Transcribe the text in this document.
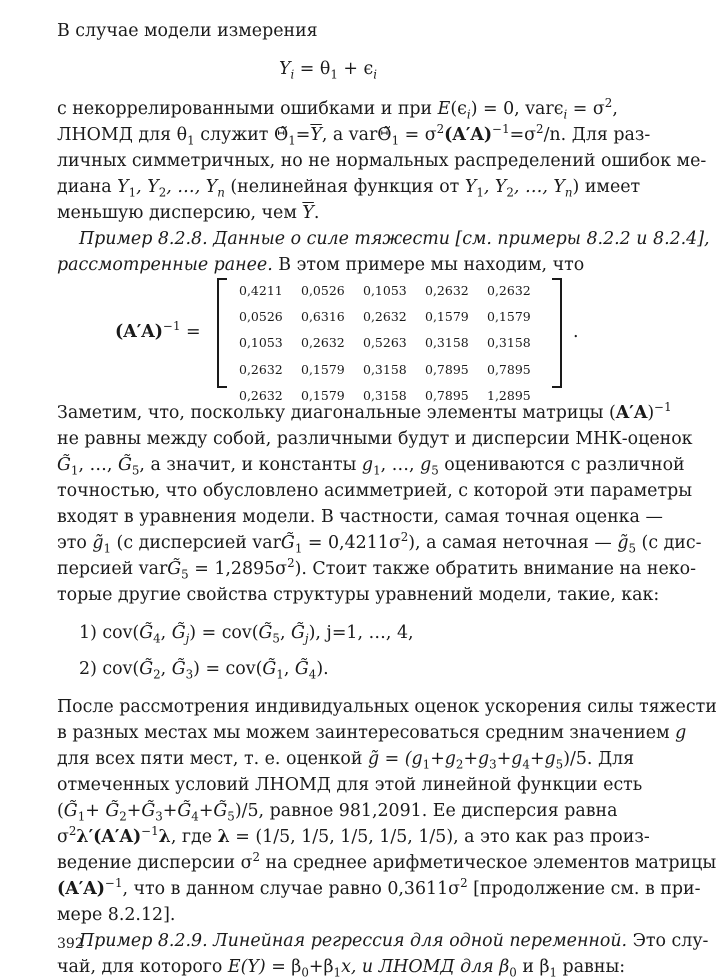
В случае модели измерения
$Y_i = \theta_1 + \epsilon_i$
с некоррелированными ошибками и при $E(\epsilon_i) = 0$, $var\epsilon_i = \sigma^2$,
ЛНОМД для $\theta_1$ служит $\Thetã_1=\overline{Y}$, а $var\Thetã_1 = \sigma^2(A'A)^{-1}=\sigma^2/n$. Для раз-
личных симметричных, но не нормальных распределений ошибок ме-
диана $Y_1$, $Y_2$, …, $Y_n$ (нелинейная функция от $Y_1$, $Y_2$, …, $Y_n$) имеет
меньшую дисперсию, чем $\overline{Y}$.
Пример 8.2.8. Данные о силе тяжести [см. примеры 8.2.2 и 8.2.4],
рассмотренные ранее. В этом примере мы находим, что
$(A'A)^{-1}$ =
0,4211	0,0526	0,1053	0,2632	0,2632
0,0526	0,6316	0,2632	0,1579	0,1579
0,1053	0,2632	0,5263	0,3158	0,3158
0,2632	0,1579	0,3158	0,7895	0,7895
0,2632	0,1579	0,3158	0,7895	1,2895
.
Заметим, что, поскольку диагональные элементы матрицы $(A'A)^{-1}$
не равны между собой, различными будут и дисперсии МНК-оценок
$G̃_1$, …, $G̃_5$, а значит, и константы $g_1$, …, $g_5$ оцениваются с различной
точностью, что обусловлено асимметрией, с которой эти параметры
входят в уравнения модели. В частности, самая точная оценка —
это $g̃_1$ (с дисперсией $varG̃_1 = 0,4211\sigma^2$), а самая неточная — $g̃_5$ (с дис-
персией $varG̃_5 = 1,2895\sigma^2$). Стоит также обратить внимание на неко-
торые другие свойства структуры уравнений модели, такие, как:
1) $cov(G̃_4$, $G̃_j$) = $cov(G̃_5$, $G̃_j$), j=1, …, 4,
2) $cov(G̃_2$, $G̃_3$) = $cov(G̃_1$, $G̃_4$).
После рассмотрения индивидуальных оценок ускорения силы тяжести
в разных местах мы можем заинтересоваться средним значением g
для всех пяти мест, т. е. оценкой g̃ = $(g_1+g_2+g_3+g_4+g_5)/5$. Для
отмеченных условий ЛНОМД для этой линейной функции есть
($G̃_1+$ $G̃_2+G̃_3+G̃_4+G̃_5)/5$, равное 981,2091. Ее дисперсия равна
$\sigma^2\lambda'(A'A)^{-1}\lambda$, где λ = (1/5, 1/5, 1/5, 1/5, 1/5), а это как раз произ-
ведение дисперсии $\sigma^2$ на среднее арифметическое элементов матрицы
$(A'A)^{-1}$, что в данном случае равно $0,3611\sigma^2$ [продолжение см. в при-
мере 8.2.12].
Пример 8.2.9. Линейная регрессия для одной переменной. Это слу-
чай, для которого $E(Y) = \beta_0+\beta_1x$, и ЛНОМД для $\beta_0$ и $\beta_1$ равны:
392
